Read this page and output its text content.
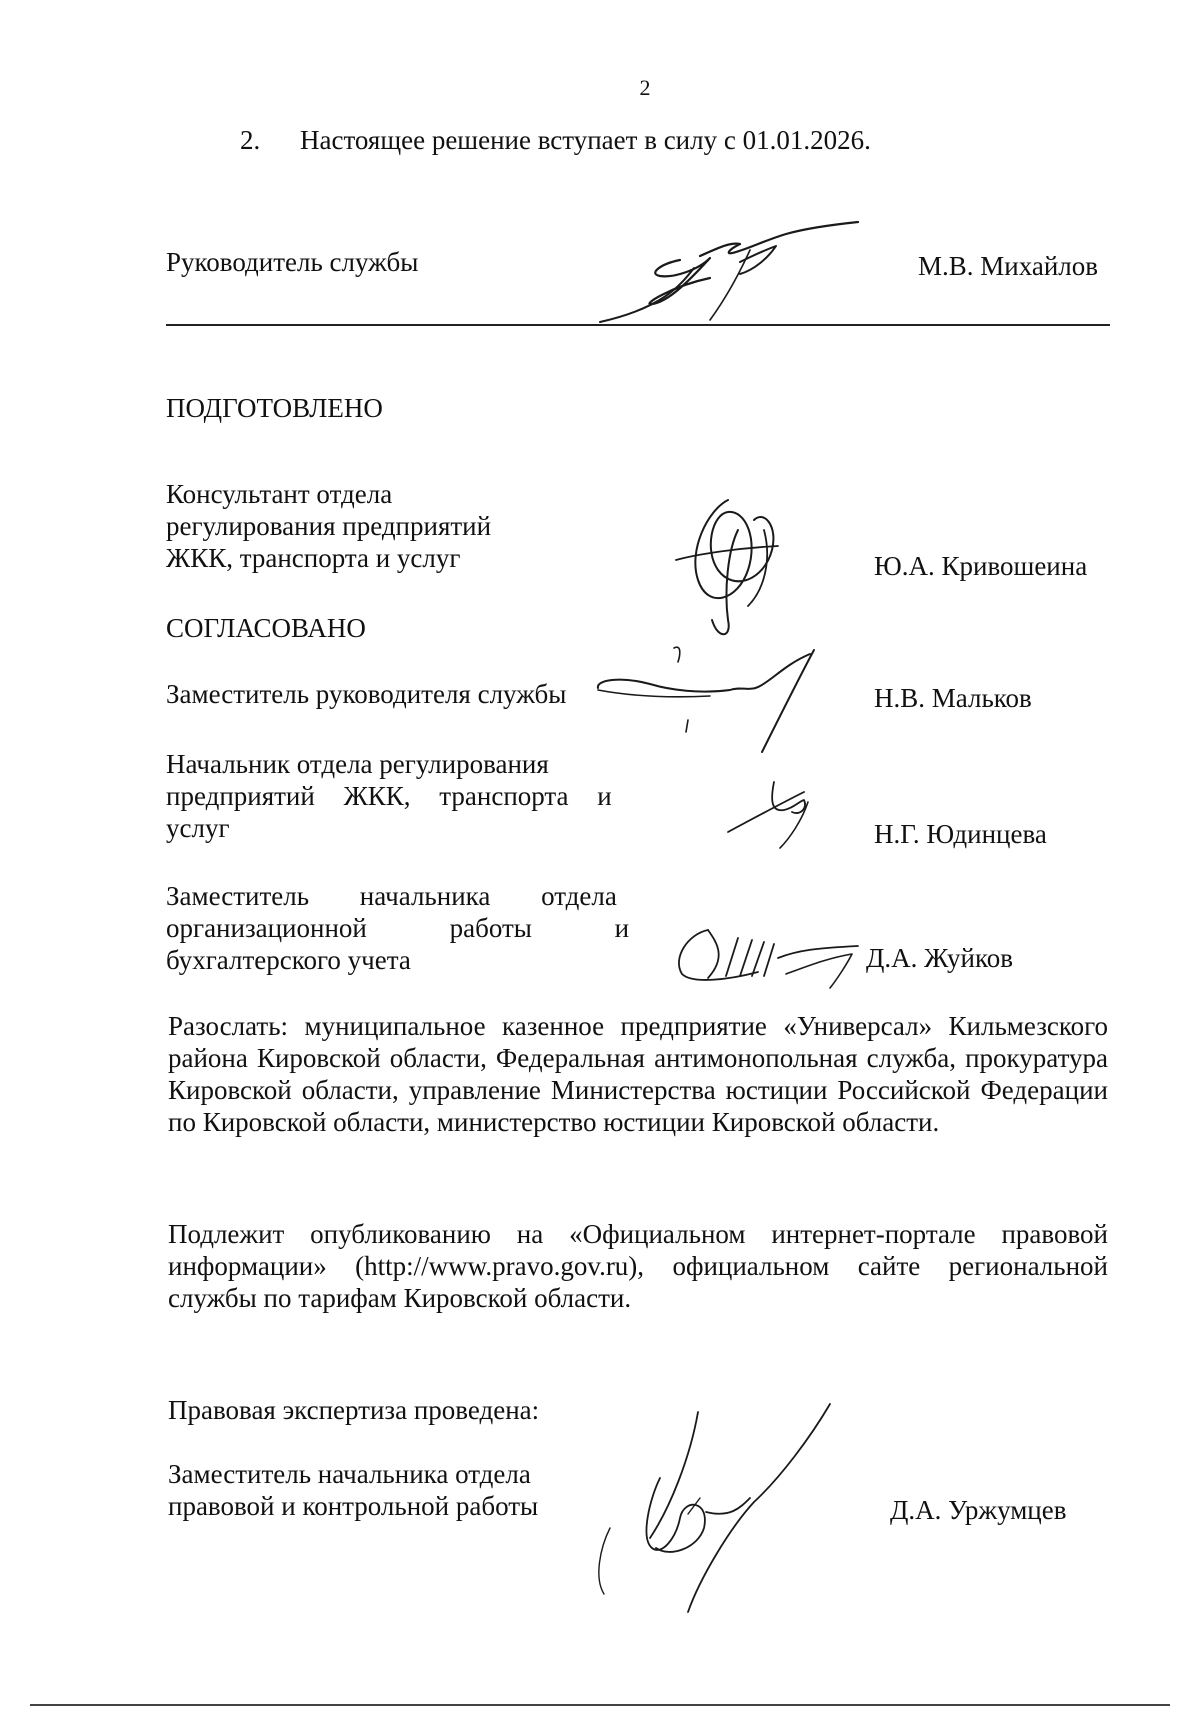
2
2. Настоящее решение вступает в силу с 01.01.2026.
Руководитель службы	М.В. Михайлов
ПОДГОТОВЛЕНО
Консультант отдела
регулирования предприятий
ЖКК, транспорта и услуг	Ю.А. Кривошеина
СОГЛАСОВАНО
Заместитель руководителя службы	Н.В. Мальков
Начальник отдела регулирования
предприятий ЖКК, транспорта и
услуг	Н.Г. Юдинцева
Заместитель начальника отдела
организационной работы и
бухгалтерского учета	Д.А. Жуйков
Разослать: муниципальное казенное предприятие «Универсал» Кильмезского района Кировской области, Федеральная антимонопольная служба, прокуратура Кировской области, управление Министерства юстиции Российской Федерации по Кировской области, министерство юстиции Кировской области.
Подлежит опубликованию на «Официальном интернет-портале правовой информации» (http://www.pravo.gov.ru), официальном сайте региональной службы по тарифам Кировской области.
Правовая экспертиза проведена:
Заместитель начальника отдела
правовой и контрольной работы	Д.А. Уржумцев
